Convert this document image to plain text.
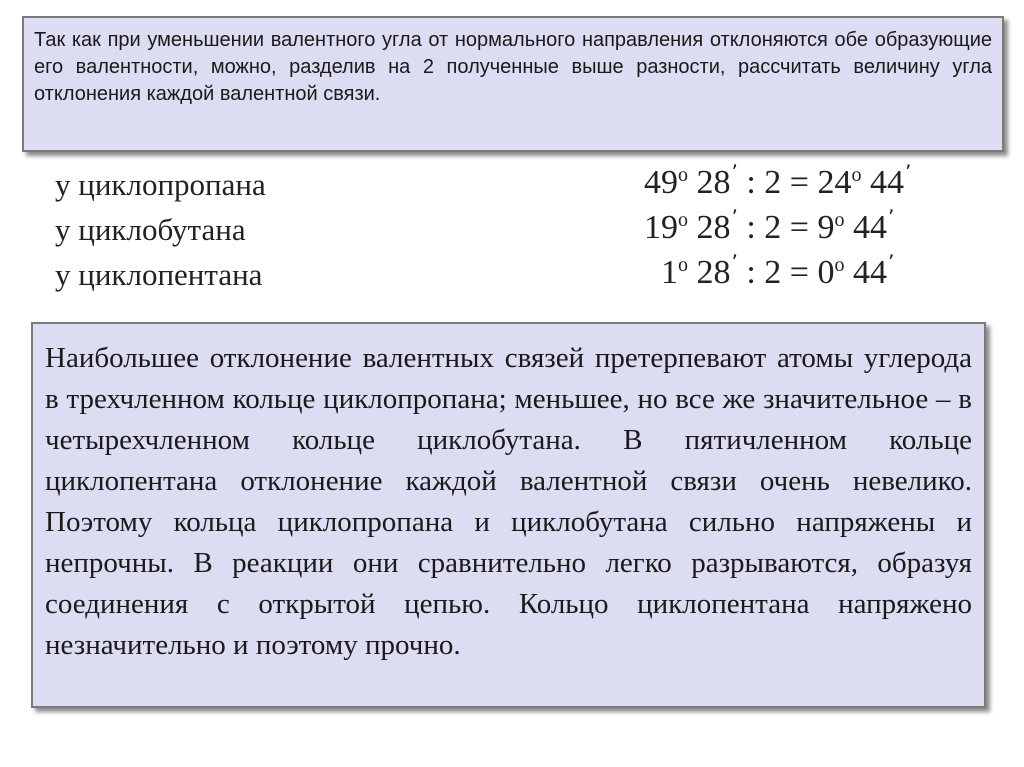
Так как при уменьшении валентного угла от нормального направления отклоняются обе образующие его валентности, можно, разделив на 2 полученные выше разности, рассчитать величину угла отклонения каждой валентной связи.
у циклопропана	$49^о$ 28՚ : $2 = 24^о$ 44՚
у циклобутана	$19^о$ 28՚ : $2 = 9^о$ 44՚
у циклопентана	$1^о$ 28՚ : $2 = 0^о$ 44՚
Наибольшее отклонение валентных связей претерпевают атомы углерода в трехчленном кольце циклопропана; меньшее, но все же значительное – в четырехчленном кольце циклобутана. В пятичленном кольце циклопентана отклонение каждой валентной связи очень невелико. Поэтому кольца циклопропана и циклобутана сильно напряжены и непрочны. В реакции они сравнительно легко разрываются, образуя соединения с открытой цепью. Кольцо циклопентана напряжено незначительно и поэтому прочно.
